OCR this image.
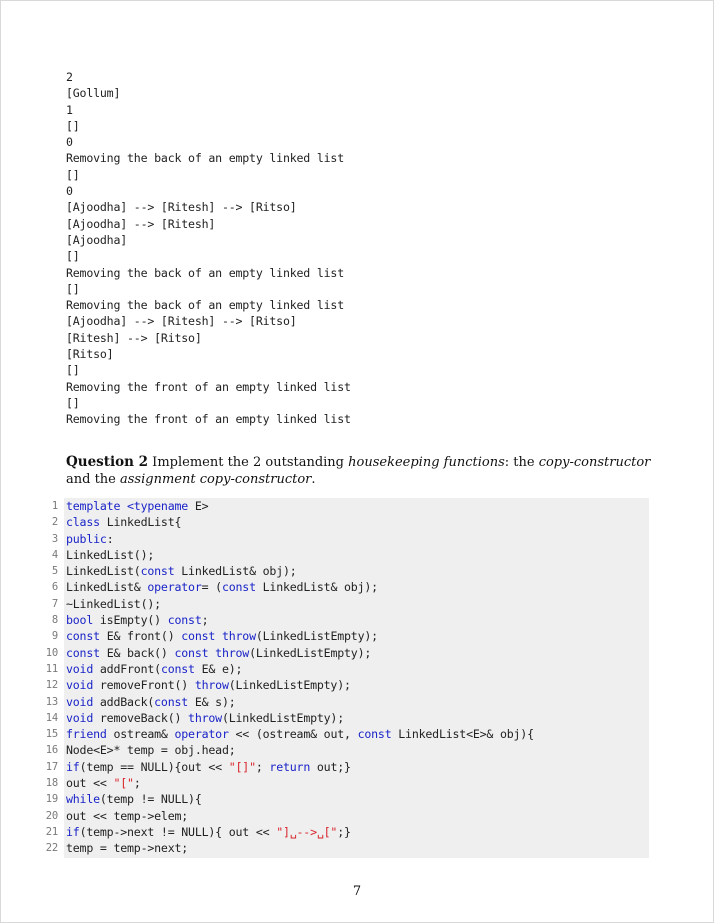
2
[Gollum]
1
[]
0
Removing the back of an empty linked list
[]
0
[Ajoodha] --> [Ritesh] --> [Ritso]
[Ajoodha] --> [Ritesh]
[Ajoodha]
[]
Removing the back of an empty linked list
[]
Removing the back of an empty linked list
[Ajoodha] --> [Ritesh] --> [Ritso]
[Ritesh] --> [Ritso]
[Ritso]
[]
Removing the front of an empty linked list
[]
Removing the front of an empty linked list
Question 2 Implement the 2 outstanding housekeeping functions: the copy-constructor and the assignment copy-constructor.
1 template <typename E>
2 class LinkedList{
3 public:
4 LinkedList();
5 LinkedList(const LinkedList& obj);
6 LinkedList& operator= (const LinkedList& obj);
7 ~LinkedList();
8 bool isEmpty() const;
9 const E& front() const throw(LinkedListEmpty);
10 const E& back() const throw(LinkedListEmpty);
11 void addFront(const E& e);
12 void removeFront() throw(LinkedListEmpty);
13 void addBack(const E& s);
14 void removeBack() throw(LinkedListEmpty);
15 friend ostream& operator << (ostream& out, const LinkedList<E>& obj){
16 Node<E>* temp = obj.head;
17 if(temp == NULL){out << "[]"; return out;}
18 out << "[";
19 while(temp != NULL){
20 out << temp->elem;
21 if(temp->next != NULL){ out << "]␣-->␣[";}
22 temp = temp->next;
7
